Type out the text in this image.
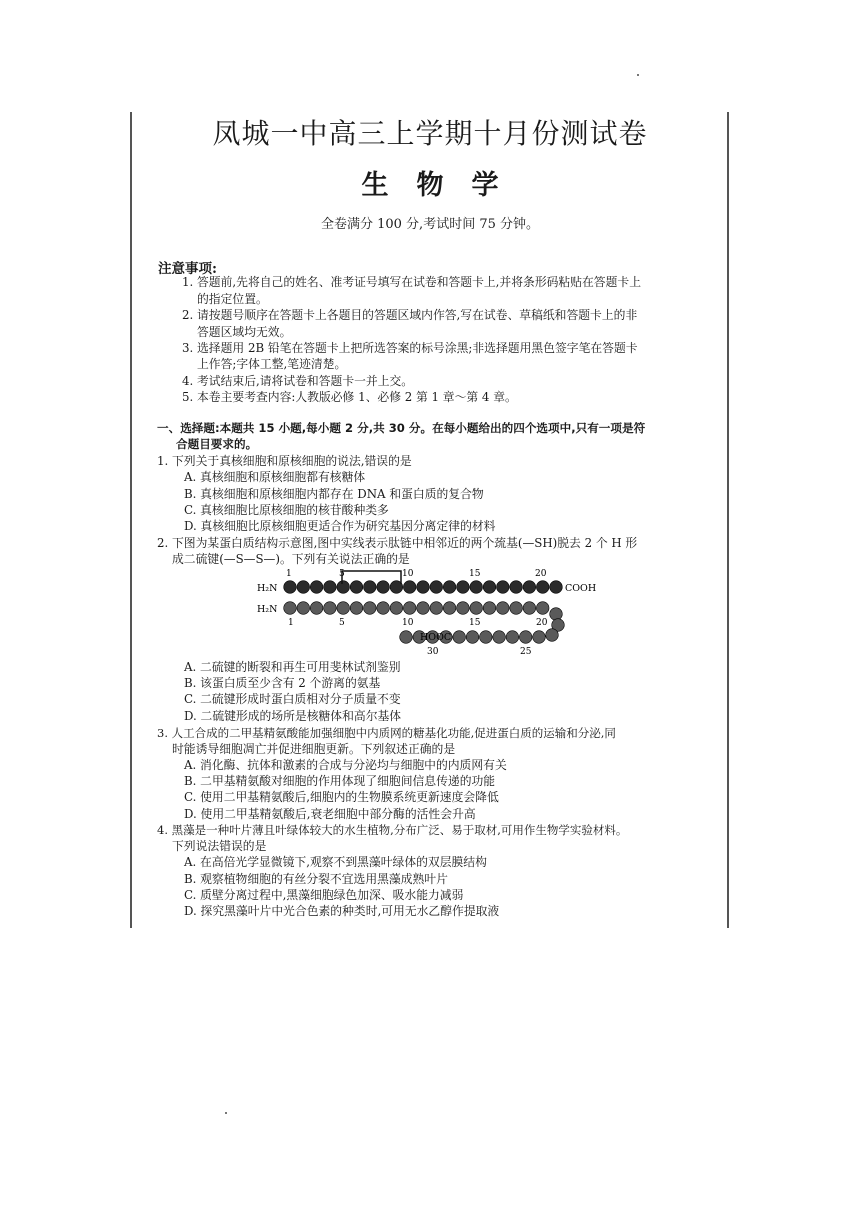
凤城一中高三上学期十月份测试卷
生物学
全卷满分 100 分,考试时间 75 分钟。
注意事项:
1. 答题前,先将自己的姓名、准考证号填写在试卷和答题卡上,并将条形码粘贴在答题卡上
的指定位置。
2. 请按题号顺序在答题卡上各题目的答题区域内作答,写在试卷、草稿纸和答题卡上的非
答题区域均无效。
3. 选择题用 2B 铅笔在答题卡上把所选答案的标号涂黑;非选择题用黑色签字笔在答题卡
上作答;字体工整,笔迹清楚。
4. 考试结束后,请将试卷和答题卡一并上交。
5. 本卷主要考查内容:人教版必修 1、必修 2 第 1 章～第 4 章。
一、选择题:本题共 15 小题,每小题 2 分,共 30 分。在每小题给出的四个选项中,只有一项是符
合题目要求的。
1. 下列关于真核细胞和原核细胞的说法,错误的是
A. 真核细胞和原核细胞都有核糖体
B. 真核细胞和原核细胞内都存在 DNA 和蛋白质的复合物
C. 真核细胞比原核细胞的核苷酸种类多
D. 真核细胞比原核细胞更适合作为研究基因分离定律的材料
2. 下图为某蛋白质结构示意图,图中实线表示肽链中相邻近的两个巯基(—SH)脱去 2 个 H 形
成二硫键(—S—S—)。下列有关说法正确的是
H₂N	COOH
1	5	10	15	20
H₂N
1	5	10	15	20
HOOC
30	25
A. 二硫键的断裂和再生可用斐林试剂鉴别
B. 该蛋白质至少含有 2 个游离的氨基
C. 二硫键形成时蛋白质相对分子质量不变
D. 二硫键形成的场所是核糖体和高尔基体
3. 人工合成的二甲基精氨酸能加强细胞中内质网的糖基化功能,促进蛋白质的运输和分泌,同
时能诱导细胞凋亡并促进细胞更新。下列叙述正确的是
A. 消化酶、抗体和激素的合成与分泌均与细胞中的内质网有关
B. 二甲基精氨酸对细胞的作用体现了细胞间信息传递的功能
C. 使用二甲基精氨酸后,细胞内的生物膜系统更新速度会降低
D. 使用二甲基精氨酸后,衰老细胞中部分酶的活性会升高
4. 黑藻是一种叶片薄且叶绿体较大的水生植物,分布广泛、易于取材,可用作生物学实验材料。
下列说法错误的是
A. 在高倍光学显微镜下,观察不到黑藻叶绿体的双层膜结构
B. 观察植物细胞的有丝分裂不宜选用黑藻成熟叶片
C. 质壁分离过程中,黑藻细胞绿色加深、吸水能力减弱
D. 探究黑藻叶片中光合色素的种类时,可用无水乙醇作提取液
